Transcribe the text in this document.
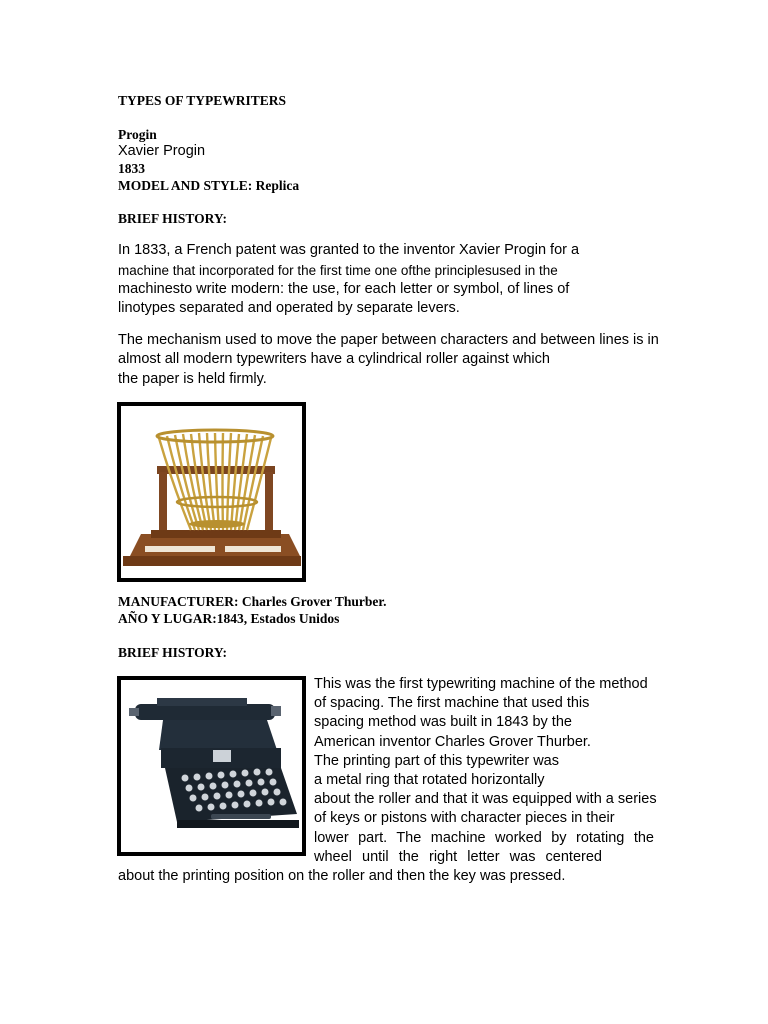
TYPES OF TYPEWRITERS
Progin
Xavier Progin
1833
MODEL AND STYLE: Replica
BRIEF HISTORY:
In 1833, a French patent was granted to the inventor Xavier Progin for a
machine that incorporated for the first time one ofthe principlesused in the
machinesto write modern: the use, for each letter or symbol, of lines of
linotypes separated and operated by separate levers.
The mechanism used to move the paper between characters and between lines is in
almost all modern typewriters have a cylindrical roller against which
the paper is held firmly.
MANUFACTURER: Charles Grover Thurber.
AÑO Y LUGAR:1843, Estados Unidos
BRIEF HISTORY:
This was the first typewriting machine of the method
of spacing. The first machine that used this
spacing method was built in 1843 by the
American inventor Charles Grover Thurber.
The printing part of this typewriter was
a metal ring that rotated horizontally
about the roller and that it was equipped with a series
of keys or pistons with character pieces in their
lower part. The machine worked by rotating the
wheel until the right letter was centered
about the printing position on the roller and then the key was pressed.
